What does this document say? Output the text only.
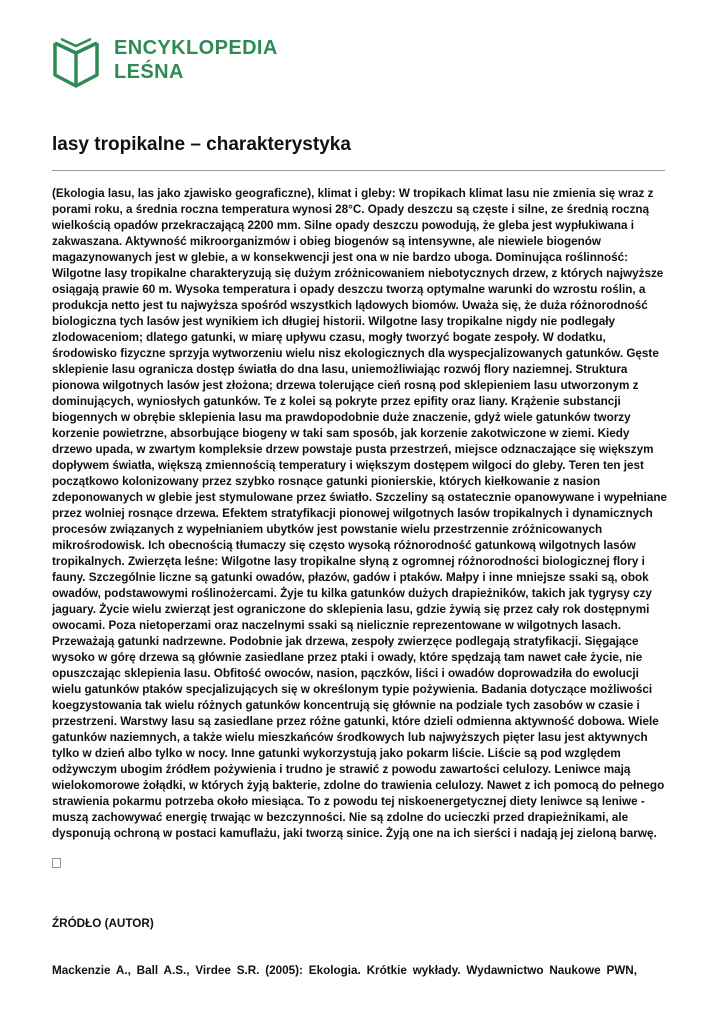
ENCYKLOPEDIA
LEŚNA
lasy tropikalne – charakterystyka

(Ekologia lasu, las jako zjawisko geograficzne), klimat i gleby: W tropikach klimat lasu nie zmienia się wraz z porami roku, a średnia roczna temperatura wynosi 28°C. Opady deszczu są częste i silne, ze średnią roczną wielkością opadów przekraczającą 2200 mm. Silne opady deszczu powodują, że gleba jest wypłukiwana i zakwaszana. Aktywność mikroorganizmów i obieg biogenów są intensywne, ale niewiele biogenów magazynowanych jest w glebie, a w konsekwencji jest ona w nie bardzo uboga. Dominująca roślinność: Wilgotne lasy tropikalne charakteryzują się dużym zróżnicowaniem niebotycznych drzew, z których najwyższe osiągają prawie 60 m. Wysoka temperatura i opady deszczu tworzą optymalne warunki do wzrostu roślin, a produkcja netto jest tu najwyższa spośród wszystkich lądowych biomów. Uważa się, że duża różnorodność biologiczna tych lasów jest wynikiem ich długiej historii. Wilgotne lasy tropikalne nigdy nie podlegały zlodowaceniom; dlatego gatunki, w miarę upływu czasu, mogły tworzyć bogate zespoły. W dodatku, środowisko fizyczne sprzyja wytworzeniu wielu nisz ekologicznych dla wyspecjalizowanych gatunków. Gęste sklepienie lasu ogranicza dostęp światła do dna lasu, uniemożliwiając rozwój flory naziemnej. Struktura pionowa wilgotnych lasów jest złożona; drzewa tolerujące cień rosną pod sklepieniem lasu utworzonym z dominujących, wyniosłych gatunków. Te z kolei są pokryte przez epifity oraz liany. Krążenie substancji biogennych w obrębie sklepienia lasu ma prawdopodobnie duże znaczenie, gdyż wiele gatunków tworzy korzenie powietrzne, absorbujące biogeny w taki sam sposób, jak korzenie zakotwiczone w ziemi. Kiedy drzewo upada, w zwartym kompleksie drzew powstaje pusta przestrzeń, miejsce odznaczające się większym dopływem światła, większą zmiennością temperatury i większym dostępem wilgoci do gleby. Teren ten jest początkowo kolonizowany przez szybko rosnące gatunki pionierskie, których kiełkowanie z nasion zdeponowanych w glebie jest stymulowane przez światło. Szczeliny są ostatecznie opanowywane i wypełniane przez wolniej rosnące drzewa. Efektem stratyfikacji pionowej wilgotnych lasów tropikalnych i dynamicznych procesów związanych z wypełnianiem ubytków jest powstanie wielu przestrzennie zróżnicowanych mikrośrodowisk. Ich obecnością tłumaczy się często wysoką różnorodność gatunkową wilgotnych lasów tropikalnych. Zwierzęta leśne: Wilgotne lasy tropikalne słyną z ogromnej różnorodności biologicznej flory i fauny. Szczególnie liczne są gatunki owadów, płazów, gadów i ptaków. Małpy i inne mniejsze ssaki są, obok owadów, podstawowymi roślinożercami. Żyje tu kilka gatunków dużych drapieżników, takich jak tygrysy czy jaguary. Życie wielu zwierząt jest ograniczone do sklepienia lasu, gdzie żywią się przez cały rok dostępnymi owocami. Poza nietoperzami oraz naczelnymi ssaki są nielicznie reprezentowane w wilgotnych lasach. Przeważają gatunki nadrzewne. Podobnie jak drzewa, zespoły zwierzęce podlegają stratyfikacji. Sięgające wysoko w górę drzewa są głównie zasiedlane przez ptaki i owady, które spędzają tam nawet całe życie, nie opuszczając sklepienia lasu. Obfitość owoców, nasion, pączków, liści i owadów doprowadziła do ewolucji wielu gatunków ptaków specjalizujących się w określonym typie pożywienia. Badania dotyczące możliwości koegzystowania tak wielu różnych gatunków koncentrują się głównie na podziale tych zasobów w czasie i przestrzeni. Warstwy lasu są zasiedlane przez różne gatunki, które dzieli odmienna aktywność dobowa. Wiele gatunków naziemnych, a także wielu mieszkańców środkowych lub najwyższych pięter lasu jest aktywnych tylko w dzień albo tylko w nocy. Inne gatunki wykorzystują jako pokarm liście. Liście są pod względem odżywczym ubogim źródłem pożywienia i trudno je strawić z powodu zawartości celulozy. Leniwce mają wielokomorowe żołądki, w których żyją bakterie, zdolne do trawienia celulozy. Nawet z ich pomocą do pełnego strawienia pokarmu potrzeba około miesiąca. To z powodu tej niskoenergetycznej diety leniwce są leniwe - muszą zachowywać energię trwając w bezczynności. Nie są zdolne do ucieczki przed drapieżnikami, ale dysponują ochroną w postaci kamuflażu, jaki tworzą sinice. Żyją one na ich sierści i nadają jej zieloną barwę.

ŹRÓDŁO (AUTOR)

Mackenzie A., Ball A.S., Virdee S.R. (2005): Ekologia. Krótkie wykłady. Wydawnictwo Naukowe PWN,
